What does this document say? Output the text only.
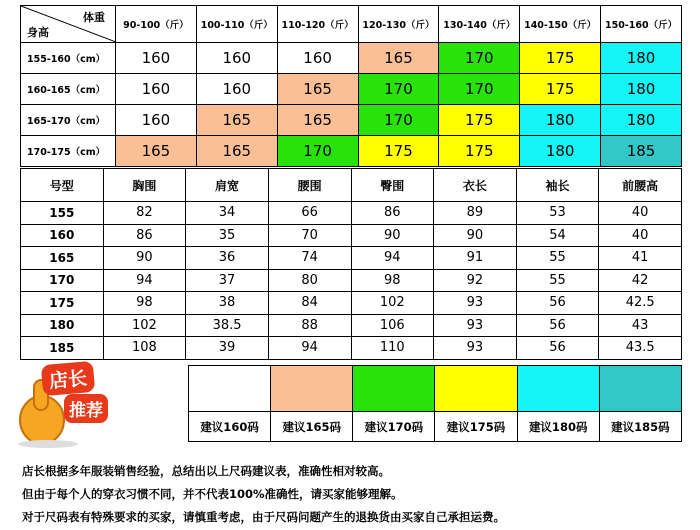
体重
身高	90-100（斤）	100-110（斤）	110-120（斤）	120-130（斤）	130-140（斤）	140-150（斤）	150-160（斤）
155-160（cm）	160	160	160	165	170	175	180
160-165（cm）	160	160	165	170	170	175	180
165-170（cm）	160	165	165	170	175	180	180
170-175（cm）	165	165	170	175	175	180	185
号型	胸围	肩宽	腰围	臀围	衣长	袖长	前腰高
155	82	34	66	86	89	53	40
160	86	35	70	90	90	54	40
165	90	36	74	94	91	55	41
170	94	37	80	98	92	55	42
175	98	38	84	102	93	56	42.5
180	102	38.5	88	106	93	56	43
185	108	39	94	110	93	56	43.5
店长
推荐

建议160码	建议165码	建议170码	建议175码	建议180码	建议185码
店长根据多年服装销售经验，总结出以上尺码建议表，准确性相对较高。
但由于每个人的穿衣习惯不同，并不代表100%准确性，请买家能够理解。
对于尺码表有特殊要求的买家，请慎重考虑，由于尺码问题产生的退换货由买家自己承担运费。
